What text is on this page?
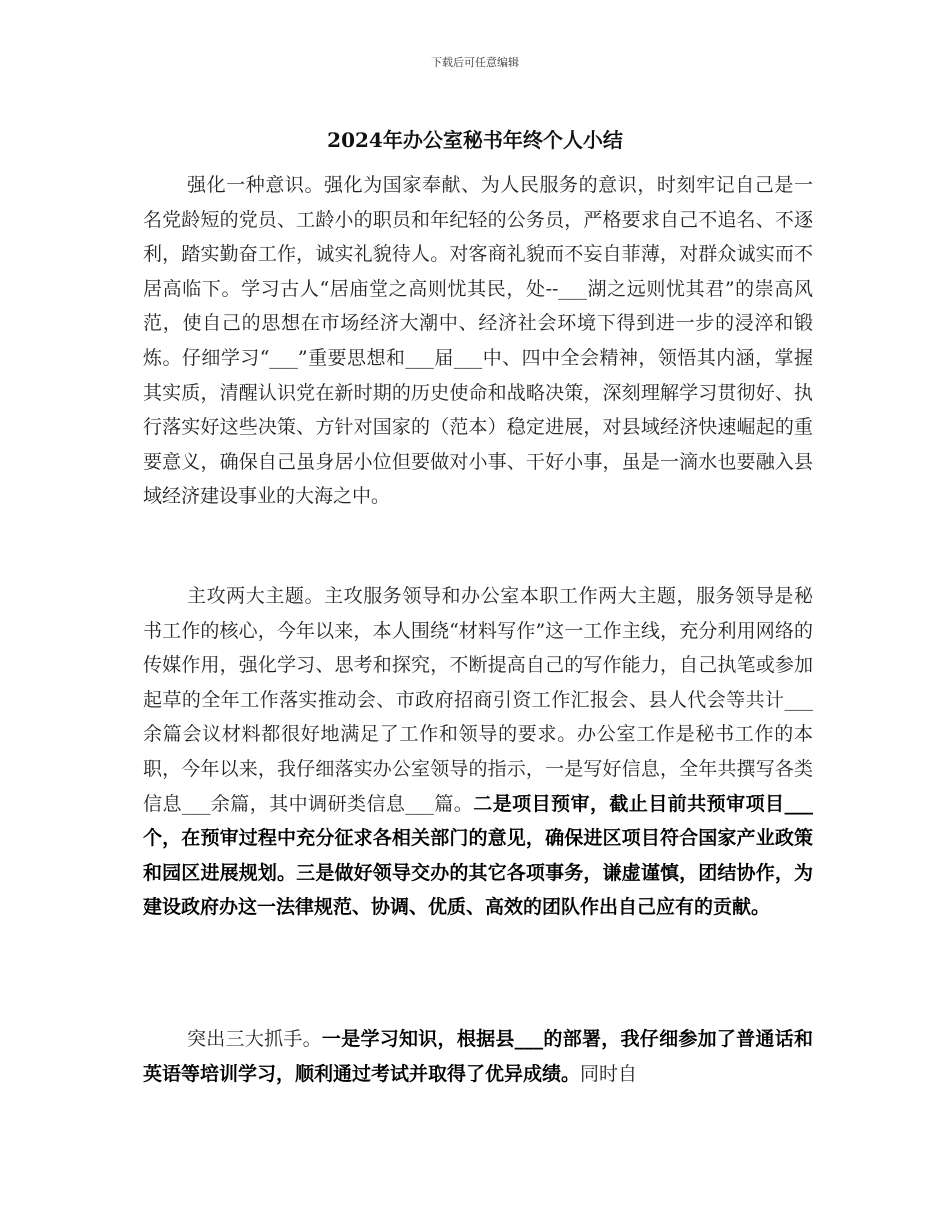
下载后可任意编辑
2024年办公室秘书年终个人小结

强化一种意识。强化为国家奉献、为人民服务的意识，时刻牢记自己是一名党龄短的党员、工龄小的职员和年纪轻的公务员，严格要求自己不追名、不逐利，踏实勤奋工作，诚实礼貌待人。对客商礼貌而不妄自菲薄，对群众诚实而不居高临下。学习古人“居庙堂之高则忧其民，处--___湖之远则忧其君”的崇高风范，使自己的思想在市场经济大潮中、经济社会环境下得到进一步的浸淬和锻炼。仔细学习“___”重要思想和___届___中、四中全会精神，领悟其内涵，掌握其实质，清醒认识党在新时期的历史使命和战略决策，深刻理解学习贯彻好、执行落实好这些决策、方针对国家的（范本）稳定进展，对县域经济快速崛起的重要意义，确保自己虽身居小位但要做对小事、干好小事，虽是一滴水也要融入县域经济建设事业的大海之中。

主攻两大主题。主攻服务领导和办公室本职工作两大主题，服务领导是秘书工作的核心，今年以来，本人围绕“材料写作”这一工作主线，充分利用网络的传媒作用，强化学习、思考和探究，不断提高自己的写作能力，自己执笔或参加起草的全年工作落实推动会、市政府招商引资工作汇报会、县人代会等共计___余篇会议材料都很好地满足了工作和领导的要求。办公室工作是秘书工作的本职，今年以来，我仔细落实办公室领导的指示，一是写好信息，全年共撰写各类信息___余篇，其中调研类信息___篇。二是项目预审，截止目前共预审项目___个，在预审过程中充分征求各相关部门的意见，确保进区项目符合国家产业政策和园区进展规划。三是做好领导交办的其它各项事务，谦虚谨慎，团结协作，为建设政府办这一法律规范、协调、优质、高效的团队作出自己应有的贡献。

突出三大抓手。一是学习知识，根据县___的部署，我仔细参加了普通话和英语等培训学习，顺利通过考试并取得了优异成绩。同时自
